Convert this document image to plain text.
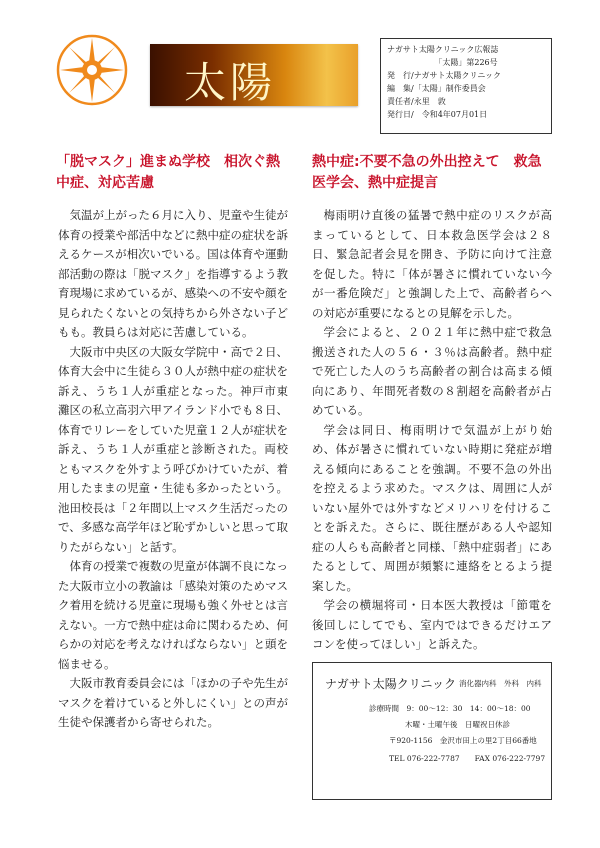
太陽
ナガサト太陽クリニック広報誌
「太陽」第226号
発　行/ナガサト太陽クリニック
編　集/「太陽」制作委員会
責任者/永里　敦
発行日/　令和4年07月01日
「脱マスク」進まぬ学校　相次ぐ熱中症、対応苦慮

気温が上がった６月に入り、児童や生徒が体育の授業や部活中などに熱中症の症状を訴えるケースが相次いでいる。国は体育や運動部活動の際は「脱マスク」を指導するよう教育現場に求めているが、感染への不安や顔を見られたくないとの気持ちから外さない子どもも。教員らは対応に苦慮している。

大阪市中央区の大阪女学院中・高で２日、体育大会中に生徒ら３０人が熱中症の症状を訴え、うち１人が重症となった。神戸市東灘区の私立高羽六甲アイランド小でも８日、体育でリレーをしていた児童１２人が症状を訴え、うち１人が重症と診断された。両校ともマスクを外すよう呼びかけていたが、着用したままの児童・生徒も多かったという。

池田校長は「２年間以上マスク生活だったので、多感な高学年ほど恥ずかしいと思って取りたがらない」と話す。

体育の授業で複数の児童が体調不良になった大阪市立小の教諭は「感染対策のためマスク着用を続ける児童に現場も強く外せとは言えない。一方で熱中症は命に関わるため、何らかの対応を考えなければならない」と頭を悩ませる。

大阪市教育委員会には「ほかの子や先生がマスクを着けていると外しにくい」との声が生徒や保護者から寄せられた。

熱中症:不要不急の外出控えて　救急医学会、熱中症提言

梅雨明け直後の猛暑で熱中症のリスクが高まっているとして、日本救急医学会は２８日、緊急記者会見を開き、予防に向けて注意を促した。特に「体が暑さに慣れていない今が一番危険だ」と強調した上で、高齢者らへの対応が重要になるとの見解を示した。

学会によると、２０２１年に熱中症で救急搬送された人の５６・３％は高齢者。熱中症で死亡した人のうち高齢者の割合は高まる傾向にあり、年間死者数の８割超を高齢者が占めている。

学会は同日、梅雨明けで気温が上がり始め、体が暑さに慣れていない時期に発症が増える傾向にあることを強調。不要不急の外出を控えるよう求めた。マスクは、周囲に人がいない屋外では外すなどメリハリを付けることを訴えた。さらに、既往歴がある人や認知症の人らも高齢者と同様、「熱中症弱者」にあたるとして、周囲が頻繁に連絡をとるよう提案した。

学会の横堀将司・日本医大教授は「節電を後回しにしてでも、室内ではできるだけエアコンを使ってほしい」と訴えた。

ナガサト太陽クリニック 消化器内科　外科　内科
診療時間　9：00〜12：30　14：00〜18：00
木曜・土曜午後　日曜祝日休診
〒920-1156　金沢市田上の里2丁目66番地
TEL 076-222-7787　　FAX 076-222-7797
